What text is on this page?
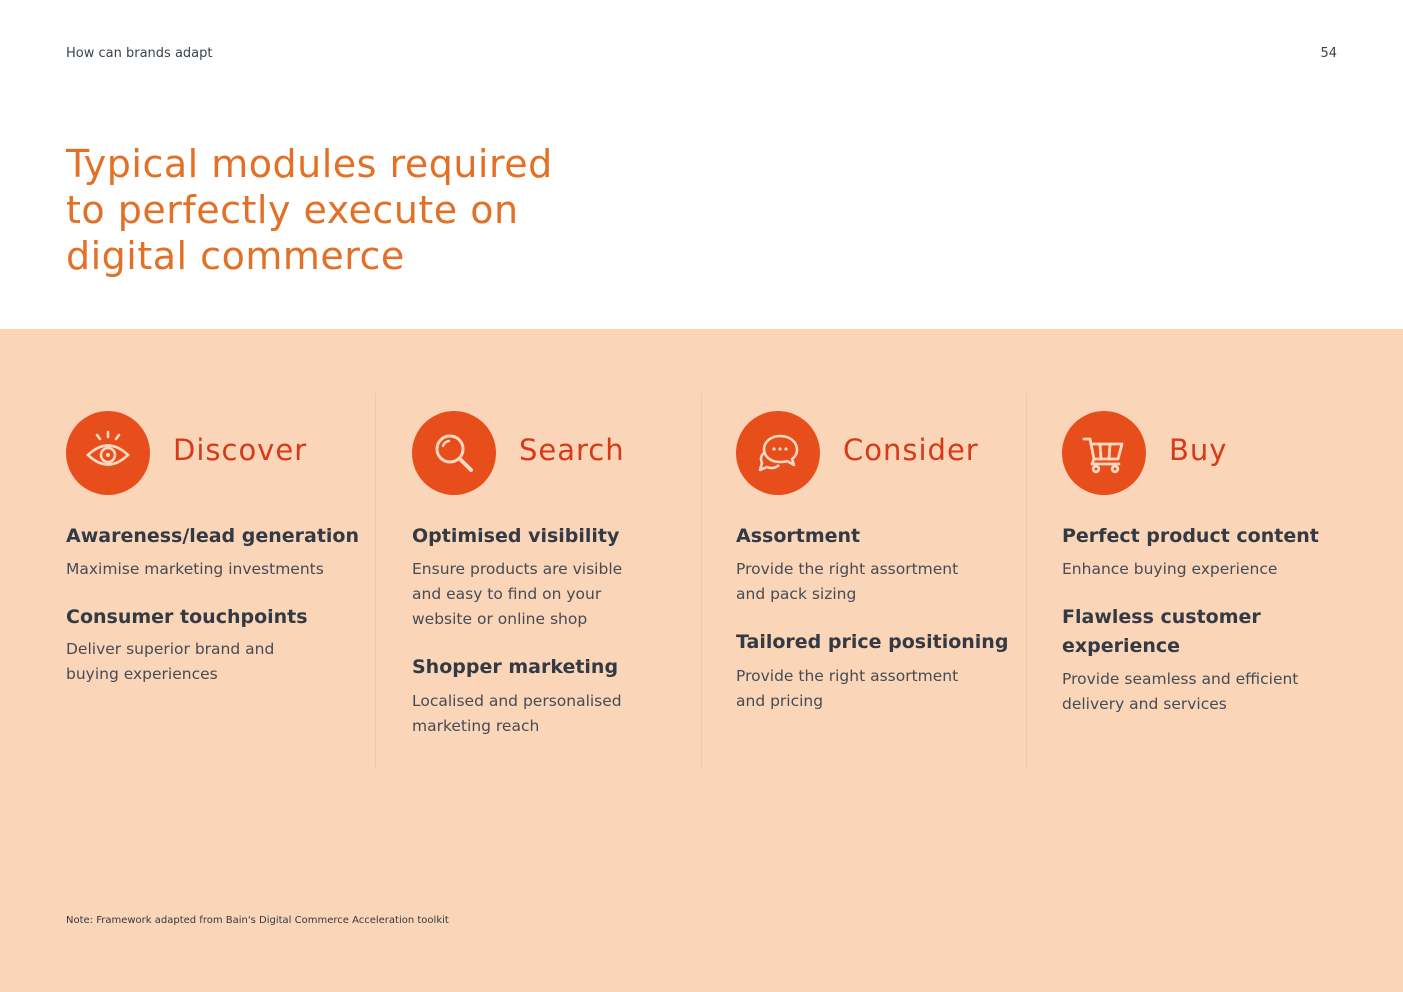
How can brands adapt	54
Typical modules required
to perfectly execute on
digital commerce
Discover
Awareness/lead generation
Maximise marketing investments
Consumer touchpoints
Deliver superior brand and
buying experiences
Search
Optimised visibility
Ensure products are visible
and easy to find on your
website or online shop
Shopper marketing
Localised and personalised
marketing reach
Consider
Assortment
Provide the right assortment
and pack sizing
Tailored price positioning
Provide the right assortment
and pricing
Buy
Perfect product content
Enhance buying experience
Flawless customer
experience
Provide seamless and efficient
delivery and services
Note: Framework adapted from Bain's Digital Commerce Acceleration toolkit
